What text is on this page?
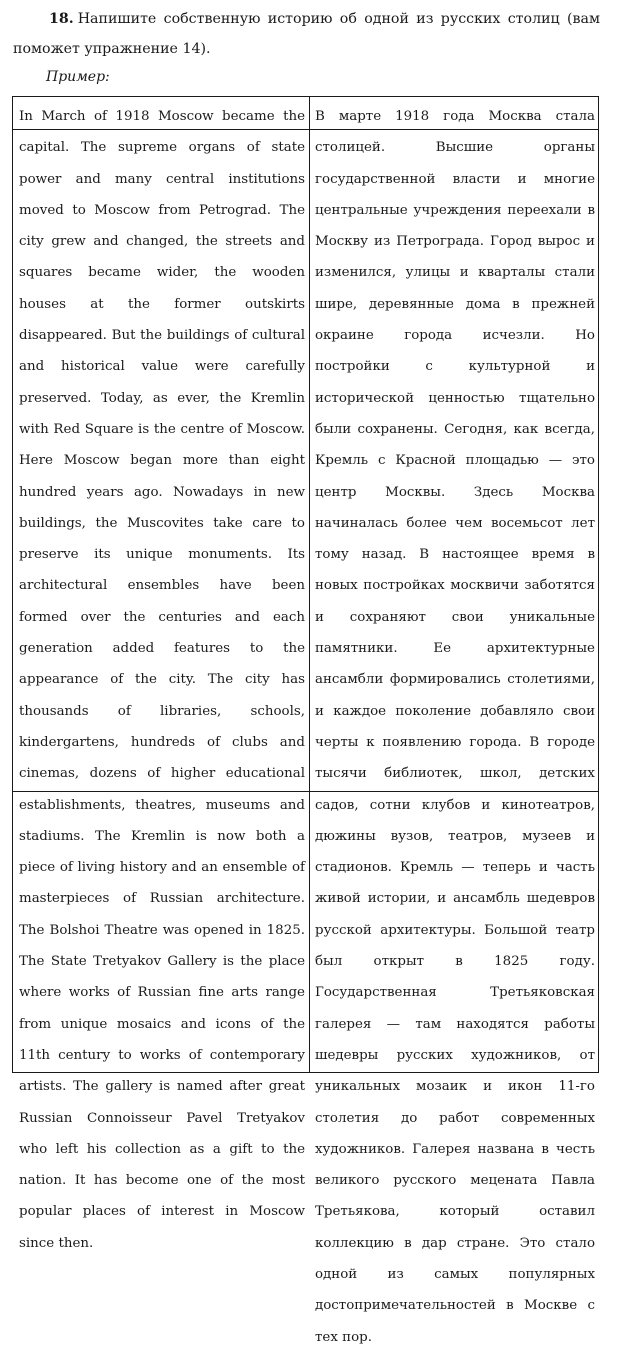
18. Напишите собственную историю об одной из русских столиц (вам поможет упражнение 14).

Пример:

In March of 1918 Moscow became the capital. The supreme organs of state power and many central institutions moved to Moscow from Petrograd. The city grew and changed, the streets and squares became wider, the wooden houses at the former outskirts disappeared. But the buildings of cultural and historical value were carefully preserved. Today, as ever, the Kremlin with Red Square is the centre of Moscow. Here Moscow began more than eight hundred years ago. Nowadays in new buildings, the Muscovites take care to preserve its unique monuments. Its architectural ensembles have been formed over the centuries and each generation added features to the appearance of the city. The city has thousands of libraries, schools, kindergartens, hundreds of clubs and cinemas, dozens of higher educational establishments, theatres, museums and stadiums. The Kremlin is now both a piece of living history and an ensemble of masterpieces of Russian architecture. The Bolshoi Theatre was opened in 1825. The State Tretyakov Gallery is the place where works of Russian fine arts range from unique mosaics and icons of the 11th century to works of contemporary artists. The gallery is named after great Russian Connoisseur Pavel Tretyakov who left his collection as a gift to the nation. It has become one of the most popular places of interest in Moscow since then.

В марте 1918 года Москва стала столицей. Высшие органы государственной власти и многие центральные учреждения переехали в Москву из Петрограда. Город вырос и изменился, улицы и кварталы стали шире, деревянные дома в прежней окраине города исчезли. Но постройки с культурной и исторической ценностью тщательно были сохранены. Сегодня, как всегда, Кремль с Красной площадью — это центр Москвы. Здесь Москва начиналась более чем восемьсот лет тому назад. В настоящее время в новых постройках москвичи заботятся и сохраняют свои уникальные памятники. Ее архитектурные ансамбли формировались столетиями, и каждое поколение добавляло свои черты к появлению города. В городе тысячи библиотек, школ, детских садов, сотни клубов и кинотеатров, дюжины вузов, театров, музеев и стадионов. Кремль — теперь и часть живой истории, и ансамбль шедевров русской архитектуры. Большой театр был открыт в 1825 году. Государственная Третьяковская галерея — там находятся работы шедевры русских художников, от уникальных мозаик и икон 11-го столетия до работ современных художников. Галерея названа в честь великого русского мецената Павла Третьякова, который оставил коллекцию в дар стране. Это стало одной из самых популярных достопримечательностей в Москве с тех пор.
